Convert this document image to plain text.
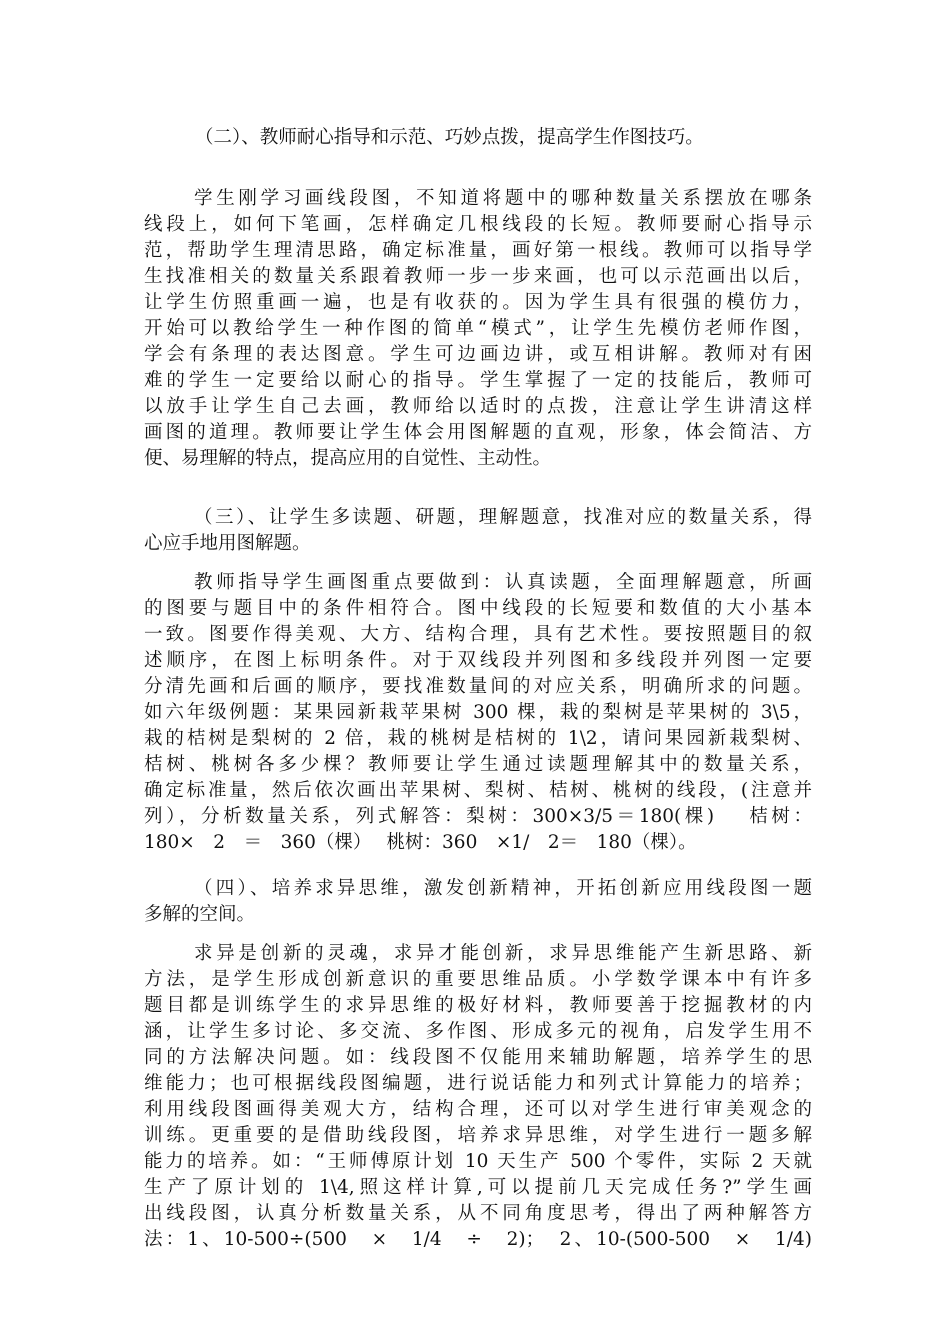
（二）、教师耐心指导和示范、巧妙点拨，提高学生作图技巧。
学生刚学习画线段图，不知道将题中的哪种数量关系摆放在哪条
线段上，如何下笔画，怎样确定几根线段的长短。教师要耐心指导示
范，帮助学生理清思路，确定标准量，画好第一根线。教师可以指导学
生找准相关的数量关系跟着教师一步一步来画，也可以示范画出以后，
让学生仿照重画一遍，也是有收获的。因为学生具有很强的模仿力，
开始可以教给学生一种作图的简单“模式”，让学生先模仿老师作图，
学会有条理的表达图意。学生可边画边讲，或互相讲解。教师对有困
难的学生一定要给以耐心的指导。学生掌握了一定的技能后，教师可
以放手让学生自己去画，教师给以适时的点拨，注意让学生讲清这样
画图的道理。教师要让学生体会用图解题的直观，形象，体会简洁、方
便、易理解的特点，提高应用的自觉性、主动性。
（三）、让学生多读题、研题，理解题意，找准对应的数量关系，得
心应手地用图解题。
教师指导学生画图重点要做到：认真读题，全面理解题意，所画
的图要与题目中的条件相符合。图中线段的长短要和数值的大小基本
一致。图要作得美观、大方、结构合理，具有艺术性。要按照题目的叙
述顺序，在图上标明条件。对于双线段并列图和多线段并列图一定要
分清先画和后画的顺序，要找准数量间的对应关系，明确所求的问题。
如六年级例题：某果园新栽苹果树 300 棵，栽的梨树是苹果树的 3\5，
栽的桔树是梨树的 2 倍，栽的桃树是桔树的 1\2，请问果园新栽梨树、
桔树、桃树各多少棵？教师要让学生通过读题理解其中的数量关系，
确定标准量，然后依次画出苹果树、梨树、桔树、桃树的线段，(注意并
列），分析数量关系，列式解答：梨树：300×3/5＝180(棵)　 桔树：
180×　2　＝　360（棵）　 桃树：360　×1/　2＝　180（棵）。
（四）、培养求异思维，激发创新精神，开拓创新应用线段图一题
多解的空间。
求异是创新的灵魂，求异才能创新，求异思维能产生新思路、新
方法，是学生形成创新意识的重要思维品质。小学数学课本中有许多
题目都是训练学生的求异思维的极好材料，教师要善于挖掘教材的内
涵，让学生多讨论、多交流、多作图、形成多元的视角，启发学生用不
同的方法解决问题。如：线段图不仅能用来辅助解题，培养学生的思
维能力；也可根据线段图编题，进行说话能力和列式计算能力的培养；
利用线段图画得美观大方，结构合理，还可以对学生进行审美观念的
训练。更重要的是借助线段图，培养求异思维，对学生进行一题多解
能力的培养。如：“王师傅原计划 10 天生产 500 个零件，实际 2 天就
生产了原计划的 1\4,照这样计算,可以提前几天完成任务?”学生画
出线段图，认真分析数量关系，从不同角度思考，得出了两种解答方
法：1、10-500÷(500　×　1/4　÷　2)；　2、10-(500-500　×　1/4)
